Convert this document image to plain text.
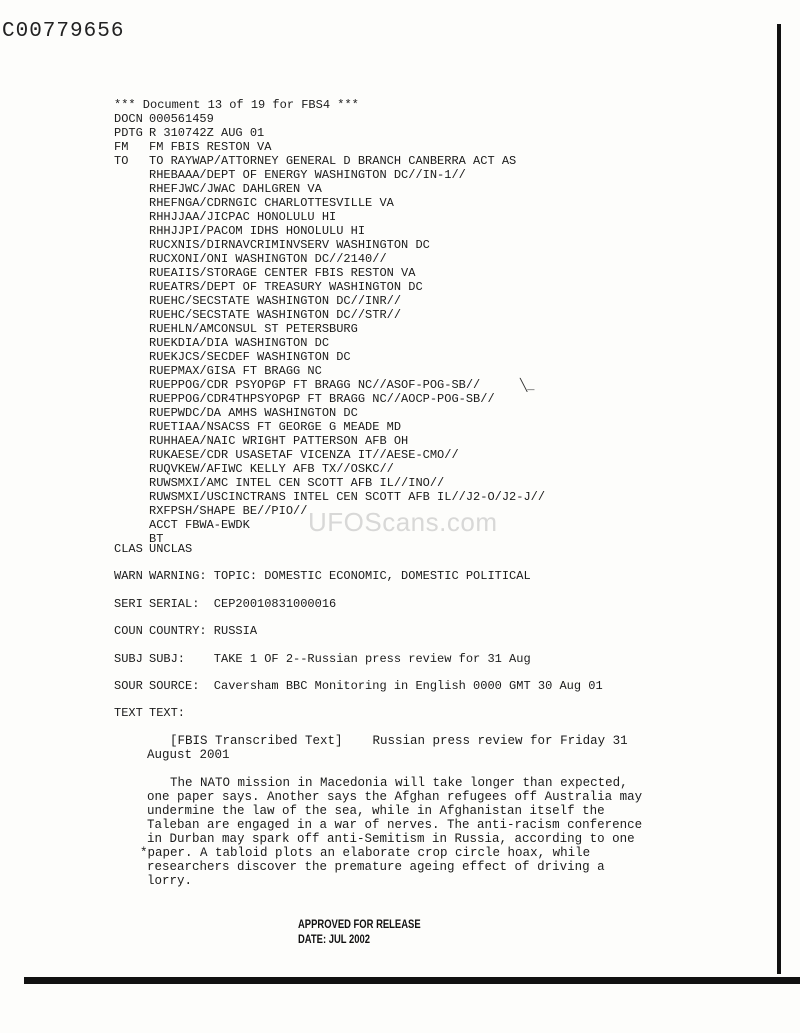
C00779656
*** Document 13 of 19 for FBS4 ***
DOCN 000561459
PDTG R 310742Z AUG 01
FM FM FBIS RESTON VA
TO TO RAYWAP/ATTORNEY GENERAL D BRANCH CANBERRA ACT AS
RHEBAAA/DEPT OF ENERGY WASHINGTON DC//IN-1//
RHEFJWC/JWAC DAHLGREN VA
RHEFNGA/CDRNGIC CHARLOTTESVILLE VA
RHHJJAA/JICPAC HONOLULU HI
RHHJJPI/PACOM IDHS HONOLULU HI
RUCXNIS/DIRNAVCRIMINVSERV WASHINGTON DC
RUCXONI/ONI WASHINGTON DC//2140//
RUEAIIS/STORAGE CENTER FBIS RESTON VA
RUEATRS/DEPT OF TREASURY WASHINGTON DC
RUEHC/SECSTATE WASHINGTON DC//INR//
RUEHC/SECSTATE WASHINGTON DC//STR//
RUEHLN/AMCONSUL ST PETERSBURG
RUEKDIA/DIA WASHINGTON DC
RUEKJCS/SECDEF WASHINGTON DC
RUEPMAX/GISA FT BRAGG NC
RUEPPOG/CDR PSYOPGP FT BRAGG NC//ASOF-POG-SB//
RUEPPOG/CDR4THPSYOPGP FT BRAGG NC//AOCP-POG-SB//
RUEPWDC/DA AMHS WASHINGTON DC
RUETIAA/NSACSS FT GEORGE G MEADE MD
RUHHAEA/NAIC WRIGHT PATTERSON AFB OH
RUKAESE/CDR USASETAF VICENZA IT//AESE-CMO//
RUQVKEW/AFIWC KELLY AFB TX//OSKC//
RUWSMXI/AMC INTEL CEN SCOTT AFB IL//INO//
RUWSMXI/USCINCTRANS INTEL CEN SCOTT AFB IL//J2-O/J2-J//
RXFPSH/SHAPE BE//PIO//
ACCT FBWA-EWDK
BT
CLAS UNCLAS
WARN WARNING: TOPIC: DOMESTIC ECONOMIC, DOMESTIC POLITICAL
SERI SERIAL:  CEP20010831000016
COUN COUNTRY: RUSSIA
SUBJ SUBJ:    TAKE 1 OF 2--Russian press review for 31 Aug
SOUR SOURCE:  Caversham BBC Monitoring in English 0000 GMT 30 Aug 01
TEXT TEXT:
[FBIS Transcribed Text]    Russian press review for Friday 31
August 2001
The NATO mission in Macedonia will take longer than expected,
one paper says. Another says the Afghan refugees off Australia may
undermine the law of the sea, while in Afghanistan itself the
Taleban are engaged in a war of nerves. The anti-racism conference
in Durban may spark off anti-Semitism in Russia, according to one
*paper. A tabloid plots an elaborate crop circle hoax, while
researchers discover the premature ageing effect of driving a
lorry.
╲_
UFOScans.com
APPROVED FOR RELEASE
DATE: JUL 2002
